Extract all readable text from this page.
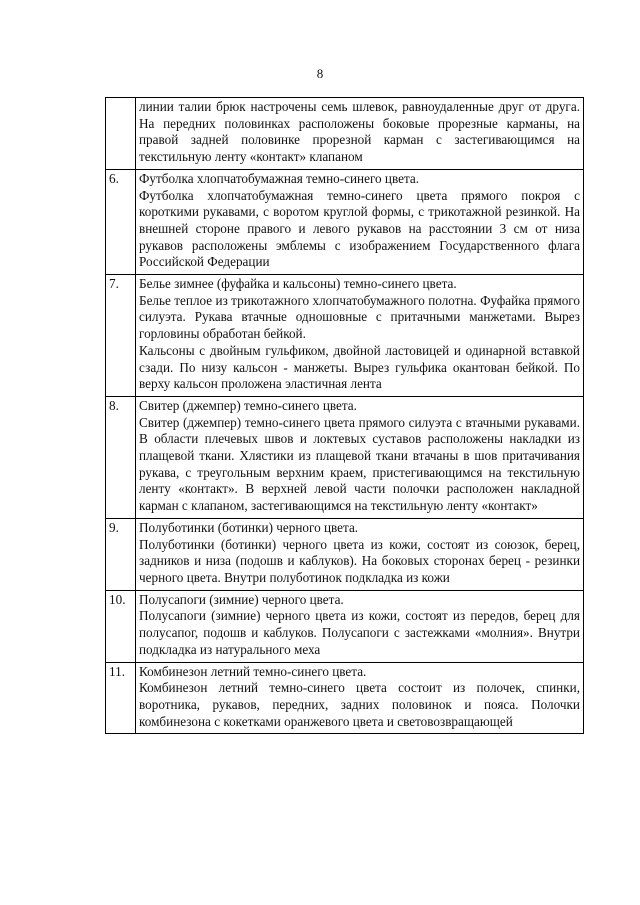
8

	линии талии брюк настрочены семь шлевок, равноудаленные друг от друга. На передних половинках расположены боковые прорезные карманы, на правой задней половинке прорезной карман с застегивающимся на текстильную ленту «контакт» клапаном

6.	Футболка хлопчатобумажная темно-синего цвета.
Футболка хлопчатобумажная темно-синего цвета прямого покроя с короткими рукавами, с воротом круглой формы, с трикотажной резинкой. На внешней стороне правого и левого рукавов на расстоянии 3 см от низа рукавов расположены эмблемы с изображением Государственного флага Российской Федерации

7.	Белье зимнее (фуфайка и кальсоны) темно-синего цвета.
Белье теплое из трикотажного хлопчатобумажного полотна. Фуфайка прямого силуэта. Рукава втачные одношовные с притачными манжетами. Вырез горловины обработан бейкой.
Кальсоны с двойным гульфиком, двойной ластовицей и одинарной вставкой сзади. По низу кальсон - манжеты. Вырез гульфика окантован бейкой. По верху кальсон проложена эластичная лента

8.	Свитер (джемпер) темно-синего цвета.
Свитер (джемпер) темно-синего цвета прямого силуэта с втачными рукавами. В области плечевых швов и локтевых суставов расположены накладки из плащевой ткани. Хлястики из плащевой ткани втачаны в шов притачивания рукава, с треугольным верхним краем, пристегивающимся на текстильную ленту «контакт». В верхней левой части полочки расположен накладной карман с клапаном, застегивающимся на текстильную ленту «контакт»

9.	Полуботинки (ботинки) черного цвета.
Полуботинки (ботинки) черного цвета из кожи, состоят из союзок, берец, задников и низа (подошв и каблуков). На боковых сторонах берец - резинки черного цвета. Внутри полуботинок подкладка из кожи

10.	Полусапоги (зимние) черного цвета.
Полусапоги (зимние) черного цвета из кожи, состоят из передов, берец для полусапог, подошв и каблуков. Полусапоги с застежками «молния». Внутри подкладка из натурального меха

11.	Комбинезон летний темно-синего цвета.
Комбинезон летний темно-синего цвета состоит из полочек, спинки, воротника, рукавов, передних, задних половинок и пояса. Полочки комбинезона с кокетками оранжевого цвета и световозвращающей
